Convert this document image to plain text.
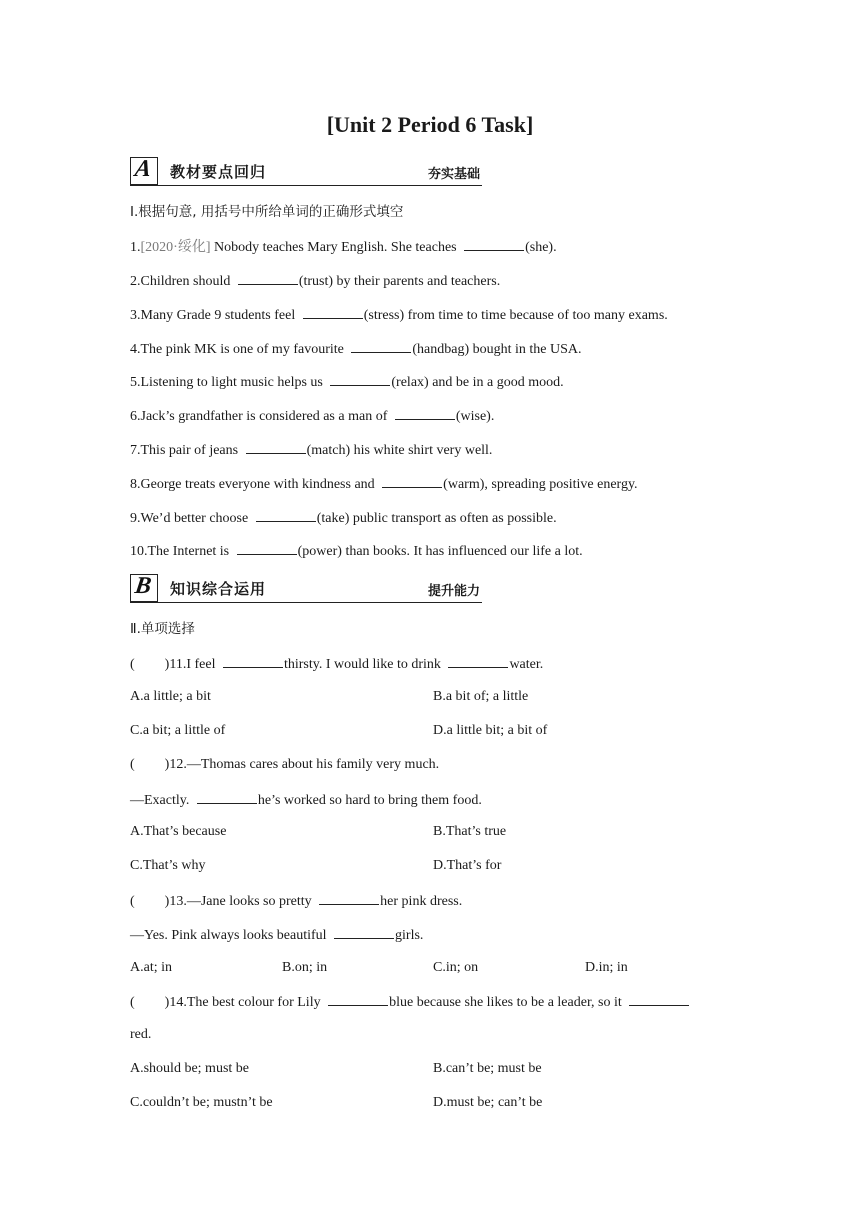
[Unit 2 Period 6 Task]
A 教材要点回归	夯实基础
Ⅰ.根据句意, 用括号中所给单词的正确形式填空
1.[2020·绥化] Nobody teaches Mary English. She teaches	(she).
2.Children should	(trust) by their parents and teachers.
3.Many Grade 9 students feel	(stress) from time to time because of too many exams.
4.The pink MK is one of my favourite	(handbag) bought in the USA.
5.Listening to light music helps us	(relax) and be in a good mood.
6.Jack’s grandfather is considered as a man of	(wise).
7.This pair of jeans	(match) his white shirt very well.
8.George treats everyone with kindness and	(warm), spreading positive energy.
9.We’d better choose	(take) public transport as often as possible.
10.The Internet is	(power) than books. It has influenced our life a lot.
B 知识综合运用	提升能力
Ⅱ.单项选择
( )11.I feel	thirsty. I would like to drink	water.
A.a little; a bit	B.a bit of; a little
C.a bit; a little of	D.a little bit; a bit of
( )12.—Thomas cares about his family very much.
—Exactly.	he’s worked so hard to bring them food.
A.That’s because	B.That’s true
C.That’s why	D.That’s for
( )13.—Jane looks so pretty	her pink dress.
—Yes. Pink always looks beautiful	girls.
A.at; in	B.on; in	C.in; on	D.in; in
( )14.The best colour for Lily	blue because she likes to be a leader, so it
red.
A.should be; must be	B.can’t be; must be
C.couldn’t be; mustn’t be	D.must be; can’t be
